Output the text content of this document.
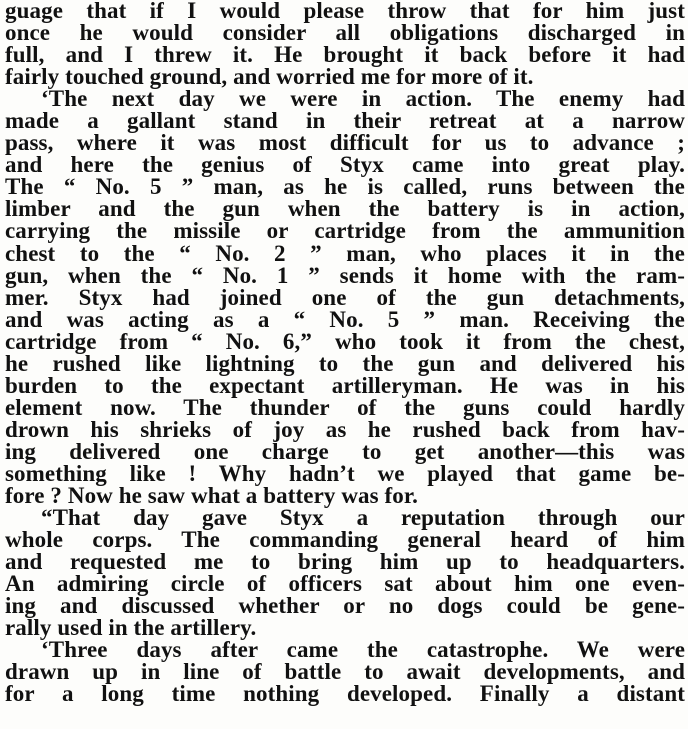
guage that if I would please throw that for him just
once he would consider all obligations discharged in
full, and I threw it. He brought it back before it had
fairly touched ground, and worried me for more of it.
‘The next day we were in action. The enemy had
made a gallant stand in their retreat at a narrow
pass, where it was most difficult for us to advance ;
and here the genius of Styx came into great play.
The “ No. 5 ” man, as he is called, runs between the
limber and the gun when the battery is in action,
carrying the missile or cartridge from the ammunition
chest to the “ No. 2 ” man, who places it in the
gun, when the “ No. 1 ” sends it home with the ram-
mer. Styx had joined one of the gun detachments,
and was acting as a “ No. 5 ” man. Receiving the
cartridge from “ No. 6,” who took it from the chest,
he rushed like lightning to the gun and delivered his
burden to the expectant artilleryman. He was in his
element now. The thunder of the guns could hardly
drown his shrieks of joy as he rushed back from hav-
ing delivered one charge to get another—this was
something like ! Why hadn’t we played that game be-
fore ? Now he saw what a battery was for.
“That day gave Styx a reputation through our
whole corps. The commanding general heard of him
and requested me to bring him up to headquarters.
An admiring circle of officers sat about him one even-
ing and discussed whether or no dogs could be gene-
rally used in the artillery.
‘Three days after came the catastrophe. We were
drawn up in line of battle to await developments, and
for a long time nothing developed. Finally a distant
